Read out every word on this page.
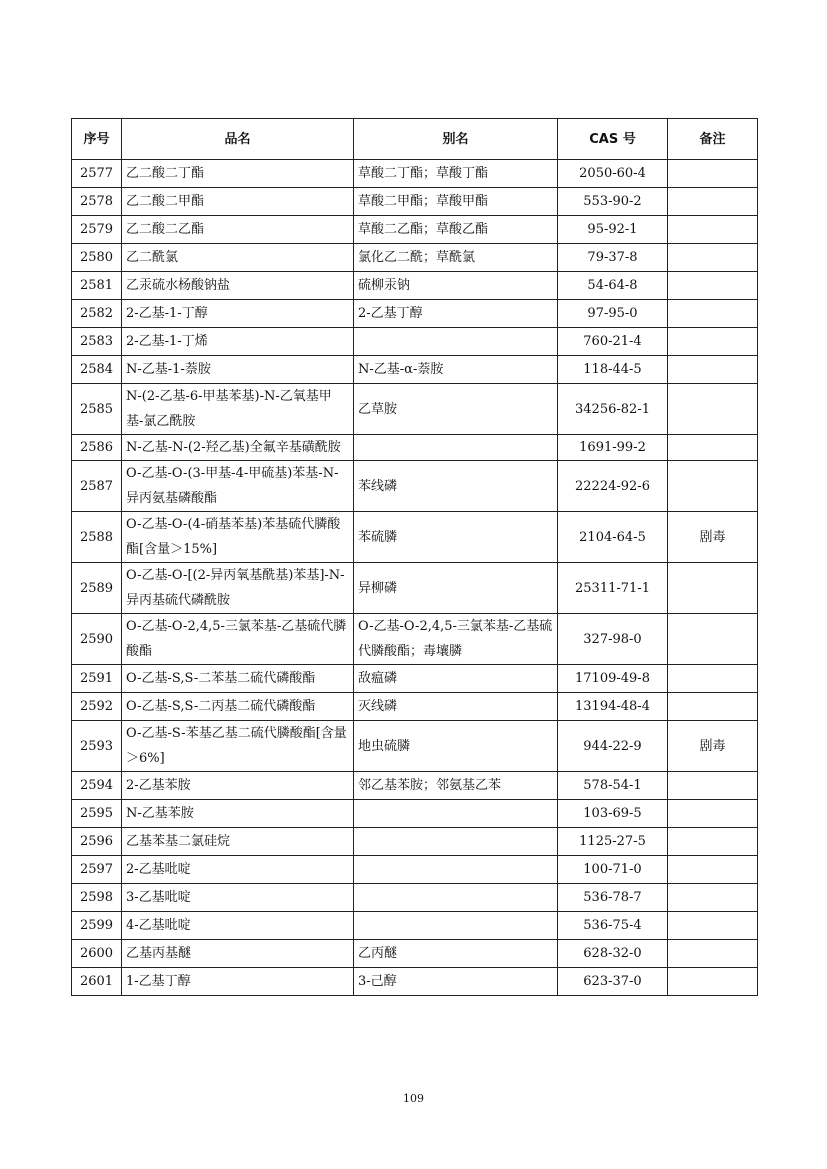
序号	品名	别名	CAS 号	备注
2577	乙二酸二丁酯	草酸二丁酯；草酸丁酯	2050-60-4	
2578	乙二酸二甲酯	草酸二甲酯；草酸甲酯	553-90-2	
2579	乙二酸二乙酯	草酸二乙酯；草酸乙酯	95-92-1	
2580	乙二酰氯	氯化乙二酰；草酰氯	79-37-8	
2581	乙汞硫水杨酸钠盐	硫柳汞钠	54-64-8	
2582	2-乙基-1-丁醇	2-乙基丁醇	97-95-0	
2583	2-乙基-1-丁烯		760-21-4	
2584	N-乙基-1-萘胺	N-乙基-α-萘胺	118-44-5	
2585	N-(2-乙基-6-甲基苯基)-N-乙氧基甲基-氯乙酰胺	乙草胺	34256-82-1	
2586	N-乙基-N-(2-羟乙基)全氟辛基磺酰胺		1691-99-2	
2587	O-乙基-O-(3-甲基-4-甲硫基)苯基-N-异丙氨基磷酸酯	苯线磷	22224-92-6	
2588	O-乙基-O-(4-硝基苯基)苯基硫代膦酸酯[含量＞15%]	苯硫膦	2104-64-5	剧毒
2589	O-乙基-O-[(2-异丙氧基酰基)苯基]-N-异丙基硫代磷酰胺	异柳磷	25311-71-1	
2590	O-乙基-O-2,4,5-三氯苯基-乙基硫代膦酸酯	O-乙基-O-2,4,5-三氯苯基-乙基硫代膦酸酯；毒壤膦	327-98-0	
2591	O-乙基-S,S-二苯基二硫代磷酸酯	敌瘟磷	17109-49-8	
2592	O-乙基-S,S-二丙基二硫代磷酸酯	灭线磷	13194-48-4	
2593	O-乙基-S-苯基乙基二硫代膦酸酯[含量＞6%]	地虫硫膦	944-22-9	剧毒
2594	2-乙基苯胺	邻乙基苯胺；邻氨基乙苯	578-54-1	
2595	N-乙基苯胺		103-69-5	
2596	乙基苯基二氯硅烷		1125-27-5	
2597	2-乙基吡啶		100-71-0	
2598	3-乙基吡啶		536-78-7	
2599	4-乙基吡啶		536-75-4	
2600	乙基丙基醚	乙丙醚	628-32-0	
2601	1-乙基丁醇	3-己醇	623-37-0	
109
